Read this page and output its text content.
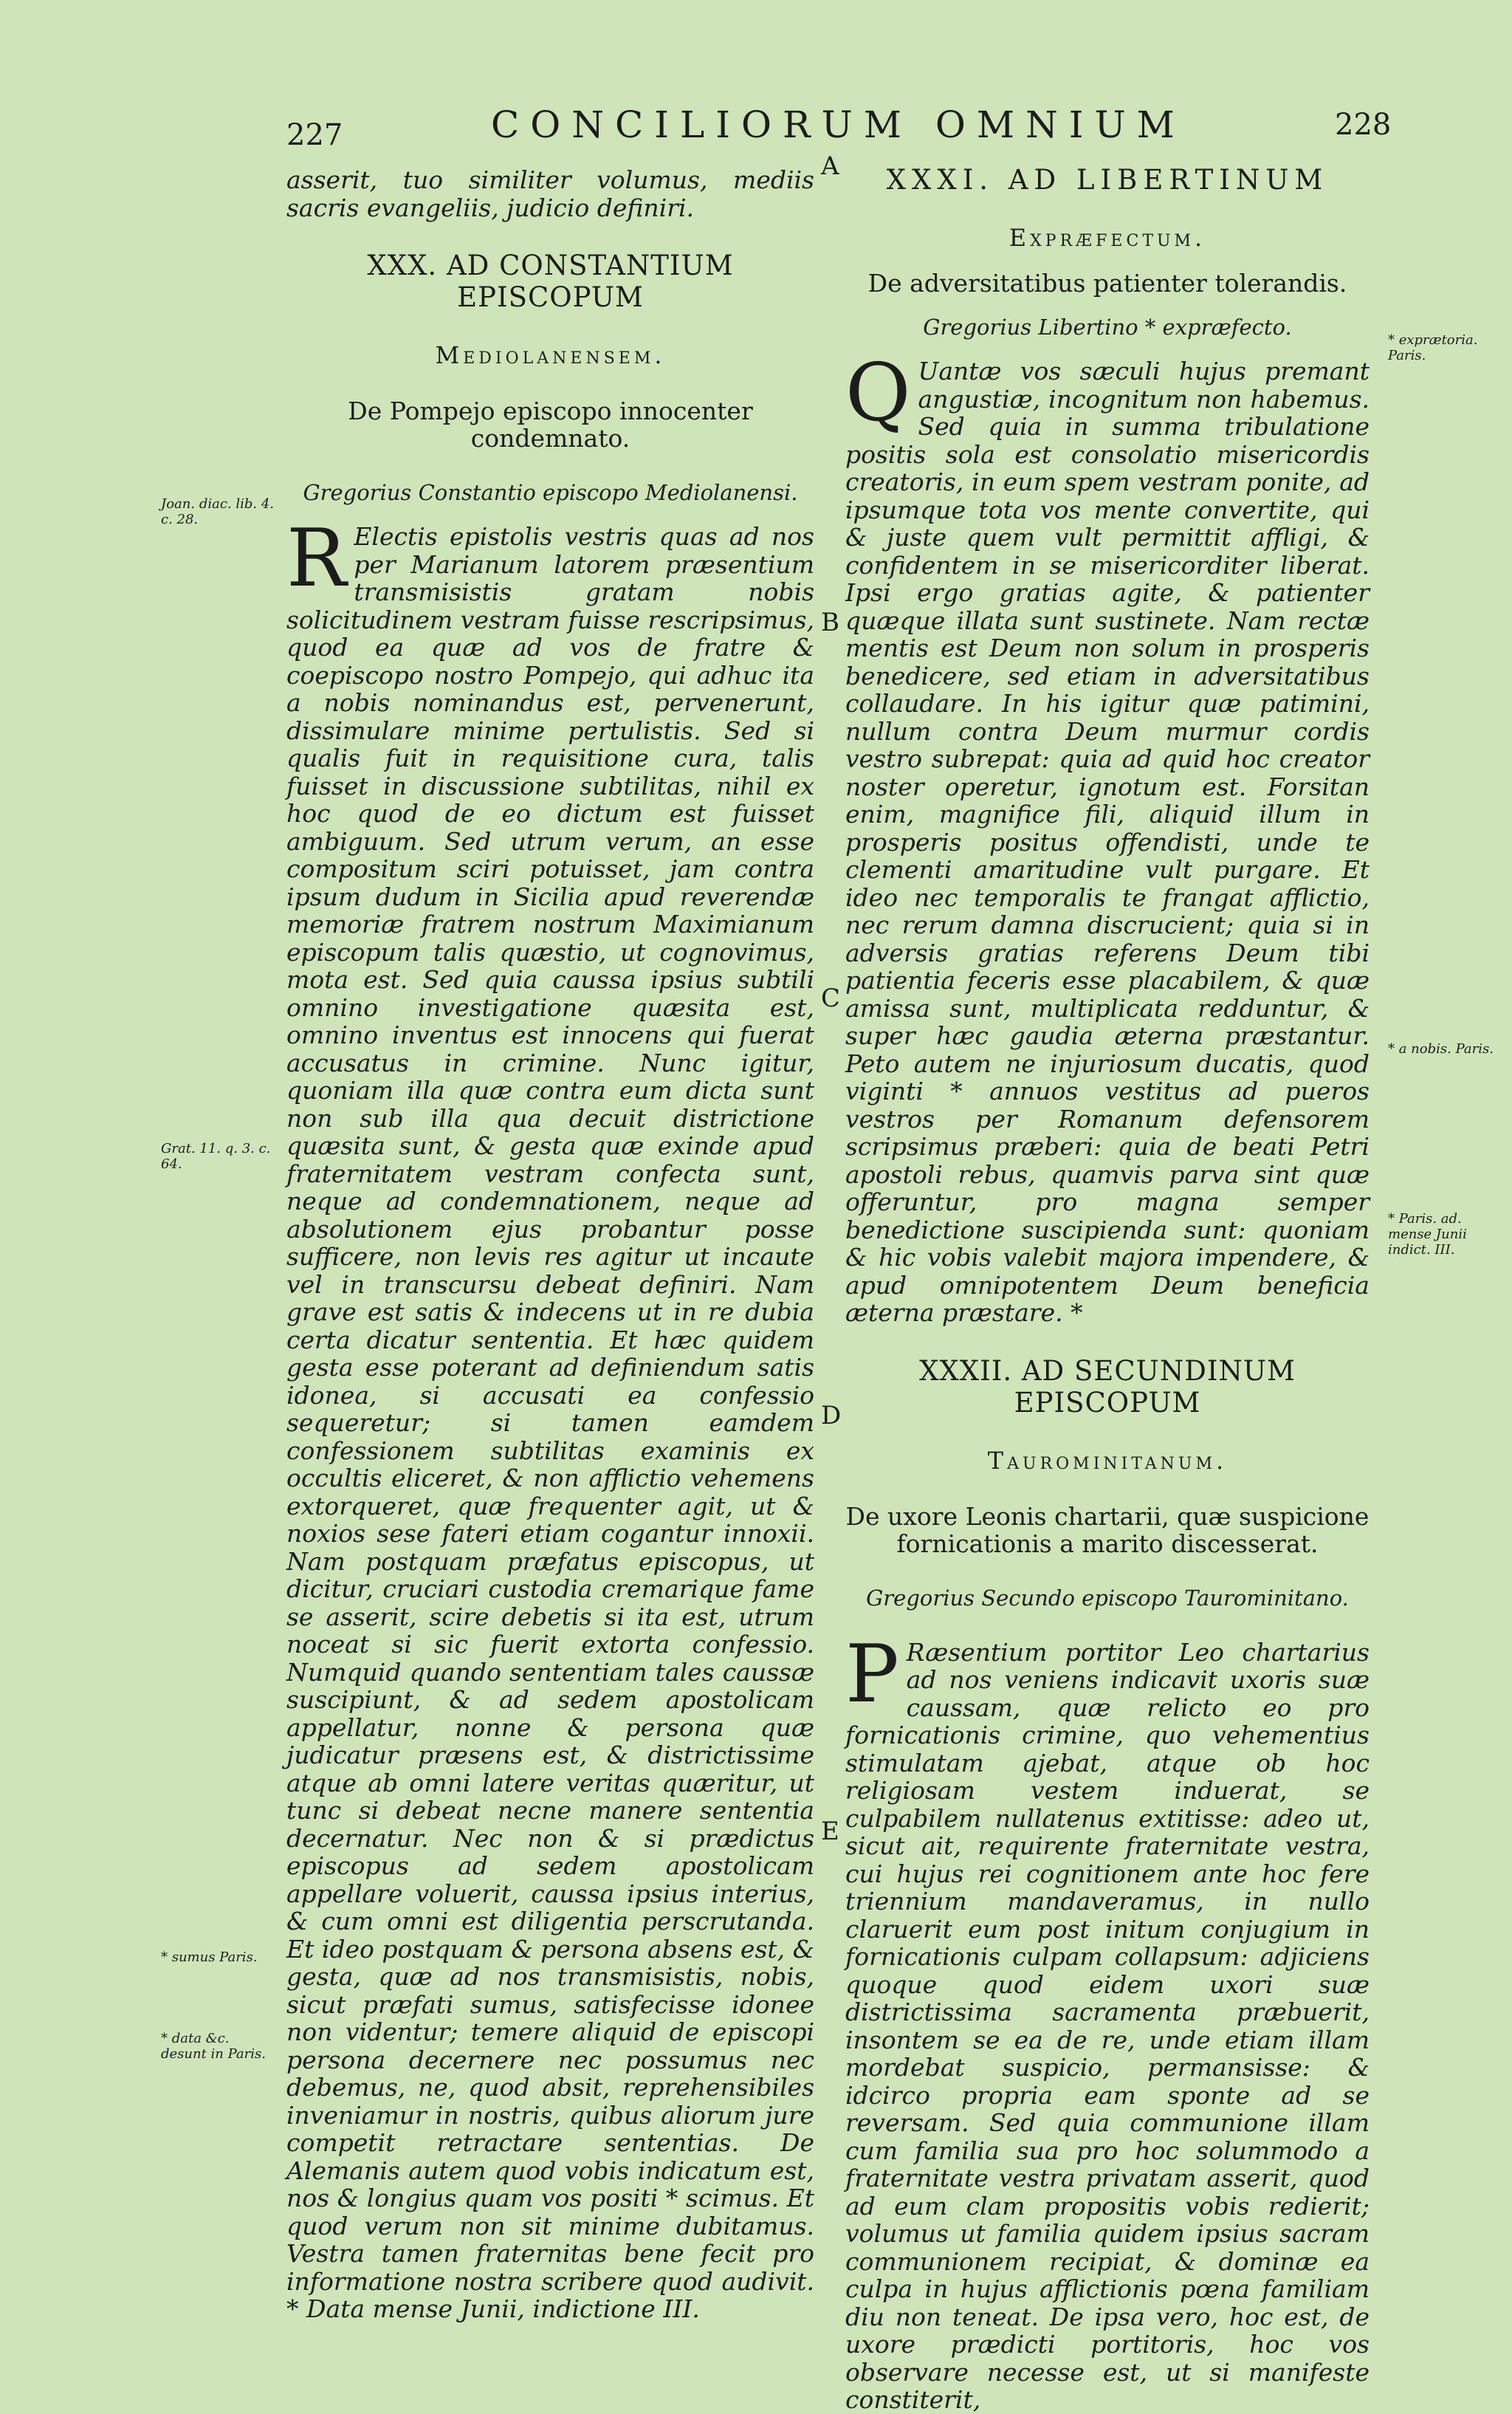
227	CONCILIORUM OMNIUM	228
Joan. diac. lib. 4. c. 28.
Grat. 11. q. 3. c. 64.
* sumus Paris.
* data &c. desunt in Paris.
* exprætoria. Paris.
* a nobis. Paris.
* Paris. ad. mense Junii indict. III.
A
B
C
D
E

asserit, tuo similiter volumus, mediis sacris evangeliis, judicio definiri.

XXX. AD CONSTANTIUM EPISCOPUM

Mediolanensem.

De Pompejo episcopo innocenter condemnato.

Gregorius Constantio episcopo Mediolanensi.

R Electis epistolis vestris quas ad nos per Marianum latorem præsentium transmisistis gratam nobis solicitudinem vestram fuisse rescripsimus, quod ea quæ ad vos de fratre & coepiscopo nostro Pompejo, qui adhuc ita a nobis nominandus est, pervenerunt, dissimulare minime pertulistis. Sed si qualis fuit in requisitione cura, talis fuisset in discussione subtilitas, nihil ex hoc quod de eo dictum est fuisset ambiguum. Sed utrum verum, an esse compositum sciri potuisset, jam contra ipsum dudum in Sicilia apud reverendæ memoriæ fratrem nostrum Maximianum episcopum talis quæstio, ut cognovimus, mota est. Sed quia caussa ipsius subtili omnino investigatione quæsita est, omnino inventus est innocens qui fuerat accusatus in crimine. Nunc igitur, quoniam illa quæ contra eum dicta sunt non sub illa qua decuit districtione quæsita sunt, & gesta quæ exinde apud fraternitatem vestram confecta sunt, neque ad condemnationem, neque ad absolutionem ejus probantur posse sufficere, non levis res agitur ut incaute vel in transcursu debeat definiri. Nam grave est satis & indecens ut in re dubia certa dicatur sententia. Et hæc quidem gesta esse poterant ad definiendum satis idonea, si accusati ea confessio sequeretur; si tamen eamdem confessionem subtilitas examinis ex occultis eliceret, & non afflictio vehemens extorqueret, quæ frequenter agit, ut & noxios sese fateri etiam cogantur innoxii. Nam postquam præfatus episcopus, ut dicitur, cruciari custodia cremarique fame se asserit, scire debetis si ita est, utrum noceat si sic fuerit extorta confessio. Numquid quando sententiam tales caussæ suscipiunt, & ad sedem apostolicam appellatur, nonne & persona quæ judicatur præsens est, & districtissime atque ab omni latere veritas quæritur, ut tunc si debeat necne manere sententia decernatur. Nec non & si prædictus episcopus ad sedem apostolicam appellare voluerit, caussa ipsius interius, & cum omni est diligentia perscrutanda. Et ideo postquam & persona absens est, & gesta, quæ ad nos transmisistis, nobis, sicut præfati sumus, satisfecisse idonee non videntur; temere aliquid de episcopi persona decernere nec possumus nec debemus, ne, quod absit, reprehensibiles inveniamur in nostris, quibus aliorum jure competit retractare sententias. De Alemanis autem quod vobis indicatum est, nos & longius quam vos positi * scimus. Et quod verum non sit minime dubitamus. Vestra tamen fraternitas bene fecit pro informatione nostra scribere quod audivit. * Data mense Junii, indictione III.

XXXI. AD LIBERTINUM

Expræfectum.

De adversitatibus patienter tolerandis.

Gregorius Libertino * expræfecto.

Q Uantæ vos sæculi hujus premant angustiæ, incognitum non habemus. Sed quia in summa tribulatione positis sola est consolatio misericordis creatoris, in eum spem vestram ponite, ad ipsumque tota vos mente convertite, qui & juste quem vult permittit affligi, & confidentem in se misericorditer liberat. Ipsi ergo gratias agite, & patienter quæque illata sunt sustinete. Nam rectæ mentis est Deum non solum in prosperis benedicere, sed etiam in adversitatibus collaudare. In his igitur quæ patimini, nullum contra Deum murmur cordis vestro subrepat: quia ad quid hoc creator noster operetur, ignotum est. Forsitan enim, magnifice fili, aliquid illum in prosperis positus offendisti, unde te clementi amaritudine vult purgare. Et ideo nec temporalis te frangat afflictio, nec rerum damna discrucient; quia si in adversis gratias referens Deum tibi patientia feceris esse placabilem, & quæ amissa sunt, multiplicata redduntur, & super hæc gaudia æterna præstantur. Peto autem ne injuriosum ducatis, quod viginti * annuos vestitus ad pueros vestros per Romanum defensorem scripsimus præberi: quia de beati Petri apostoli rebus, quamvis parva sint quæ offeruntur, pro magna semper benedictione suscipienda sunt: quoniam & hic vobis valebit majora impendere, & apud omnipotentem Deum beneficia æterna præstare. *

XXXII. AD SECUNDINUM EPISCOPUM

Taurominitanum.

De uxore Leonis chartarii, quæ suspicione fornicationis a marito discesserat.

Gregorius Secundo episcopo Taurominitano.

P Ræsentium portitor Leo chartarius ad nos veniens indicavit uxoris suæ caussam, quæ relicto eo pro fornicationis crimine, quo vehementius stimulatam ajebat, atque ob hoc religiosam vestem induerat, se culpabilem nullatenus extitisse: adeo ut, sicut ait, requirente fraternitate vestra, cui hujus rei cognitionem ante hoc fere triennium mandaveramus, in nullo claruerit eum post initum conjugium in fornicationis culpam collapsum: adjiciens quoque quod eidem uxori suæ districtissima sacramenta præbuerit, insontem se ea de re, unde etiam illam mordebat suspicio, permansisse: & idcirco propria eam sponte ad se reversam. Sed quia communione illam cum familia sua pro hoc solummodo a fraternitate vestra privatam asserit, quod ad eum clam propositis vobis redierit; volumus ut familia quidem ipsius sacram communionem recipiat, & dominæ ea culpa in hujus afflictionis pœna familiam diu non teneat. De ipsa vero, hoc est, de uxore prædicti portitoris, hoc vos observare necesse est, ut si manifeste constiterit,
